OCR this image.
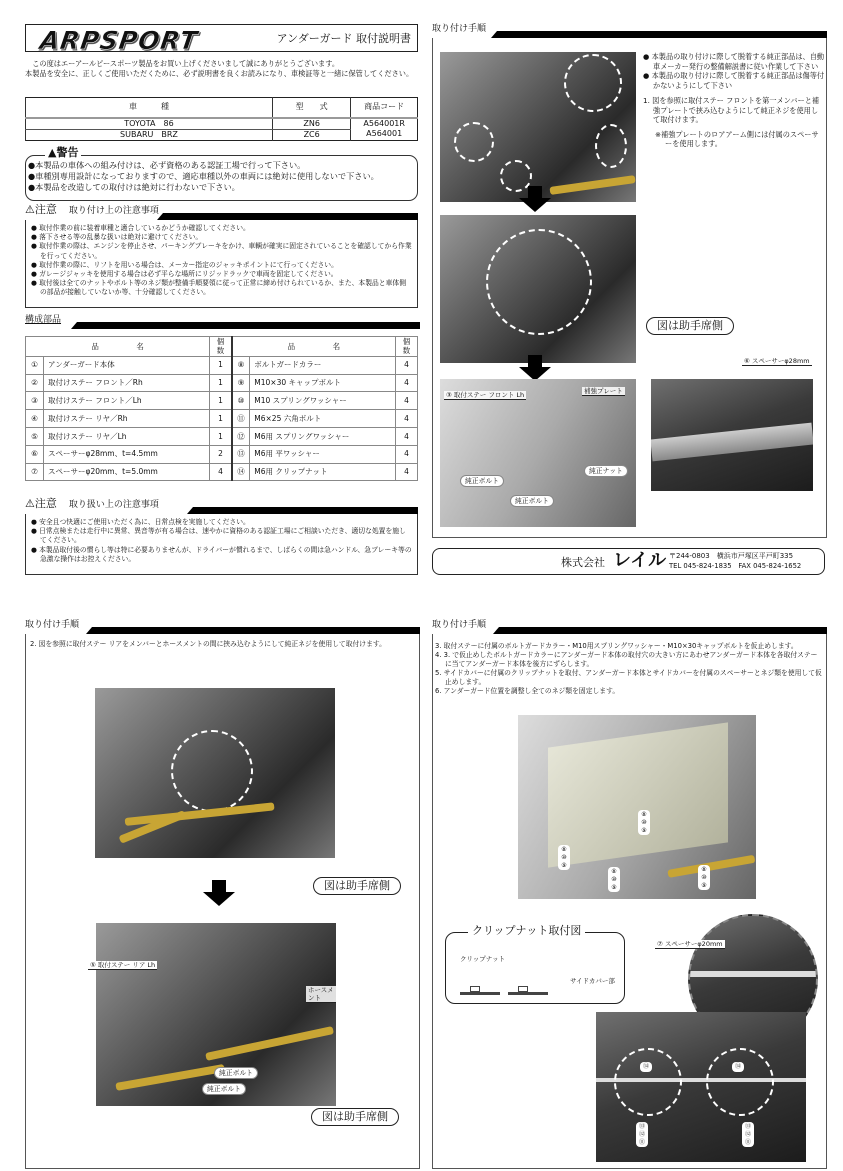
ARPSPORT	アンダーガード 取付説明書

この度はエーアールピースポーツ製品をお買い上げくださいまして誠にありがとうございます。

本製品を安全に、正しくご使用いただくために、必ず説明書を良くお読みになり、車検証等と一緒に保管してください。

車　　　種	型　　式	商品コード
TOYOTA　86	ZN6	A564001R
SUBARU　BRZ	ZC6	A564001
▲警告
●本製品の車体への組み付けは、必ず資格のある認証工場で行って下さい。
●車種別専用設計になっておりますので、適応車種以外の車両には絶対に使用しないで下さい。
●本製品を改造しての取付けは絶対に行わないで下さい。
⚠注意 取り付け上の注意事項
● 取付作業の前に装着車種と適合しているかどうか確認してください。
● 落下させる等の乱暴な扱いは絶対に避けてください。
● 取付作業の際は、エンジンを停止させ、パーキングブレーキをかけ、車輌が確実に固定されていることを確認してから作業を行ってください。
● 取付作業の際に、リフトを用いる場合は、メーカー指定のジャッキポイントにて行ってください。
● ガレージジャッキを使用する場合は必ず平らな場所にリジッドラックで車両を固定してください。
● 取付後は全てのナットやボルト等のネジ類が整備手順要領に従って正常に締め付けられているか、また、本製品と車体側の部品が接触していないか等、十分確認してください。
構成部品
品　　　　　名		個 数	品　　　　　名		個 数
①	アンダーガード本体	1	⑧	ボルトガードカラー	4
②	取付けステー フロント／Rh	1	⑨	M10×30 キャップボルト	4
③	取付けステー フロント／Lh	1	⑩	M10 スプリングワッシャー	4
④	取付けステー リヤ／Rh	1	⑪	M6×25 六角ボルト	4
⑤	取付けステー リヤ／Lh	1	⑫	M6用 スプリングワッシャー	4
⑥	スペーサーφ28mm、t=4.5mm	2	⑬	M6用 平ワッシャー	4
⑦	スペーサーφ20mm、t=5.0mm	4	⑭	M6用 クリップナット	4
⚠注意 取り扱い上の注意事項
● 安全且つ快適にご使用いただく為に、日常点検を実施してください。
● 日常点検または走行中に異常、異音等が有る場合は、速やかに資格のある認証工場にご相談いただき、適切な処置を施してください。
● 本製品取付後の慣らし等は特に必要ありませんが、ドライバーが慣れるまで、しばらくの間は急ハンドル、急ブレーキ等の急激な操作はお控えください。
取り付け手順
● 本製品の取り付けに際して脱着する純正部品は、自動車メーカー発行の整備解説書に従い作業して下さい
● 本製品の取り付けに際して脱着する純正部品は傷等付かないようにして下さい
1. 図を参照に取付ステー フロントを第一メンバーと補強プレートで挟み込むようにして純正ネジを使用して取付けます。
※補強プレートのロアアーム側には付属のスペーサーを使用します。
図は助手席側
③ 取付ステー フロント Lh	補強プレート
純正ナット
純正ボルト
純正ボルト
⑥ スペーサーφ28mm
株式会社 レイル 〒244-0803　横浜市戸塚区平戸町335
TEL 045-824-1835　FAX 045-824-1652
取り付け手順
2. 図を参照に取付ステー リアをメンバーとホースメントの間に挟み込むようにして純正ネジを使用して取付けます。
図は助手席側
純正ボルト
純正ボルト
ホースメント
⑤ 取付ステー リア Lh
図は助手席側
取り付け手順
3. 取付ステーに付属のボルトガードカラー・M10用スプリングワッシャー・M10×30キャップボルトを仮止めします。
4. 3. で仮止めしたボルトガードカラーにアンダーガード本体の取付穴の大きい方にあわせアンダーガード本体を各取付ステーに当てアンダーガード本体を後方にずらします。
5. サイドカバーに付属のクリップナットを取付、アンダーガード本体とサイドカバーを付属のスペーサーとネジ類を使用して仮止めします。
6. アンダーガード位置を調整し全てのネジ類を固定します。
⑧
⑩
⑨
⑧
⑩
⑨
⑧
⑩
⑨
⑧
⑩
⑨
クリップナット取付図
クリップナット
サイドカバー部
⑦ スペーサーφ20mm
⑭	⑭
⑬
⑫
⑪
⑬
⑫
⑪
